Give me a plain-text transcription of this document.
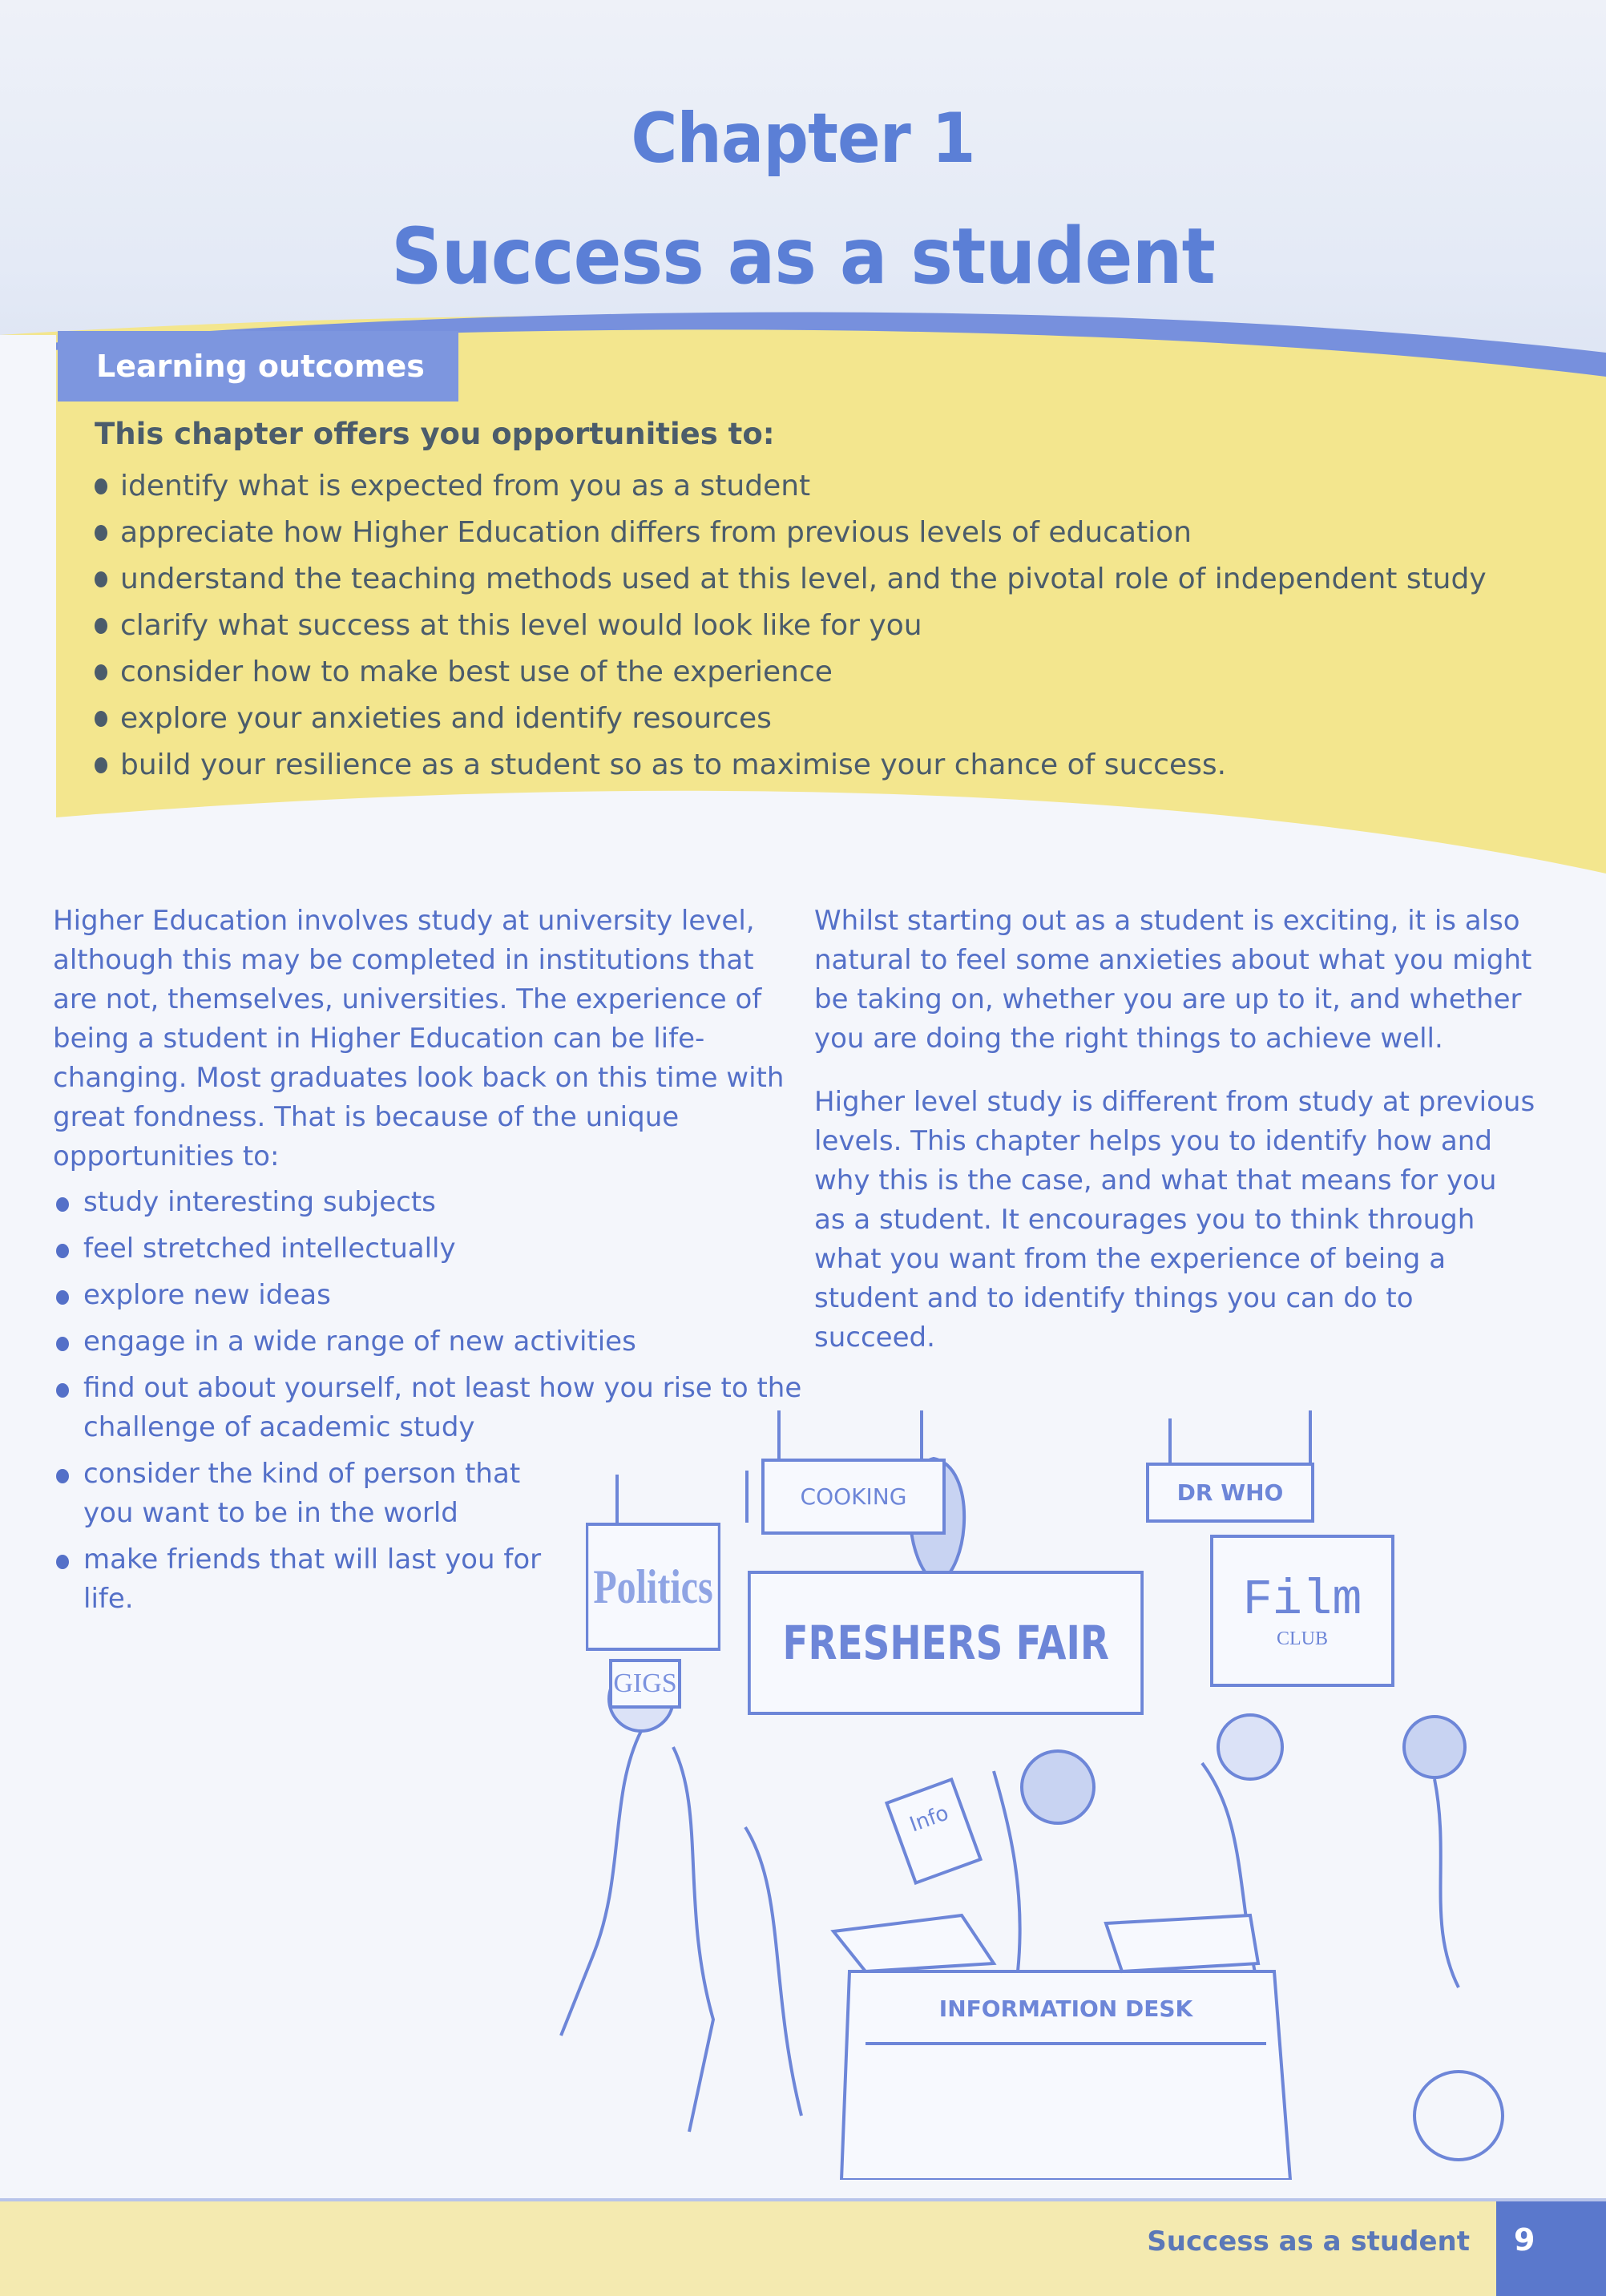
Chapter 1
Success as a student
Learning outcomes
This chapter offers you opportunities to:
identify what is expected from you as a student
appreciate how Higher Education differs from previous levels of education
understand the teaching methods used at this level, and the pivotal role of independent study
clarify what success at this level would look like for you
consider how to make best use of the experience
explore your anxieties and identify resources
build your resilience as a student so as to maximise your chance of success.

Higher Education involves study at university level, although this may be completed in institutions that are not, themselves, universities. The experience of being a student in Higher Education can be life-changing. Most graduates look back on this time with great fondness. That is because of the unique opportunities to:

study interesting subjects
feel stretched intellectually
explore new ideas
engage in a wide range of new activities
find out about yourself, not least how you rise to the challenge of academic study
consider the kind of person that you want to be in the world
make friends that will last you for life.

Whilst starting out as a student is exciting, it is also natural to feel some anxieties about what you might be taking on, whether you are up to it, and whether you are doing the right things to achieve well.

Higher level study is different from study at previous levels. This chapter helps you to identify how and why this is the case, and what that means for you as a student. It encourages you to think through what you want from the experience of being a student and to identify things you can do to succeed.

Politics
GIGS
COOKING	DR WHO
FRESHERS FAIR
Film
CLUB
Info
INFORMATION DESK
Success as a student	9
